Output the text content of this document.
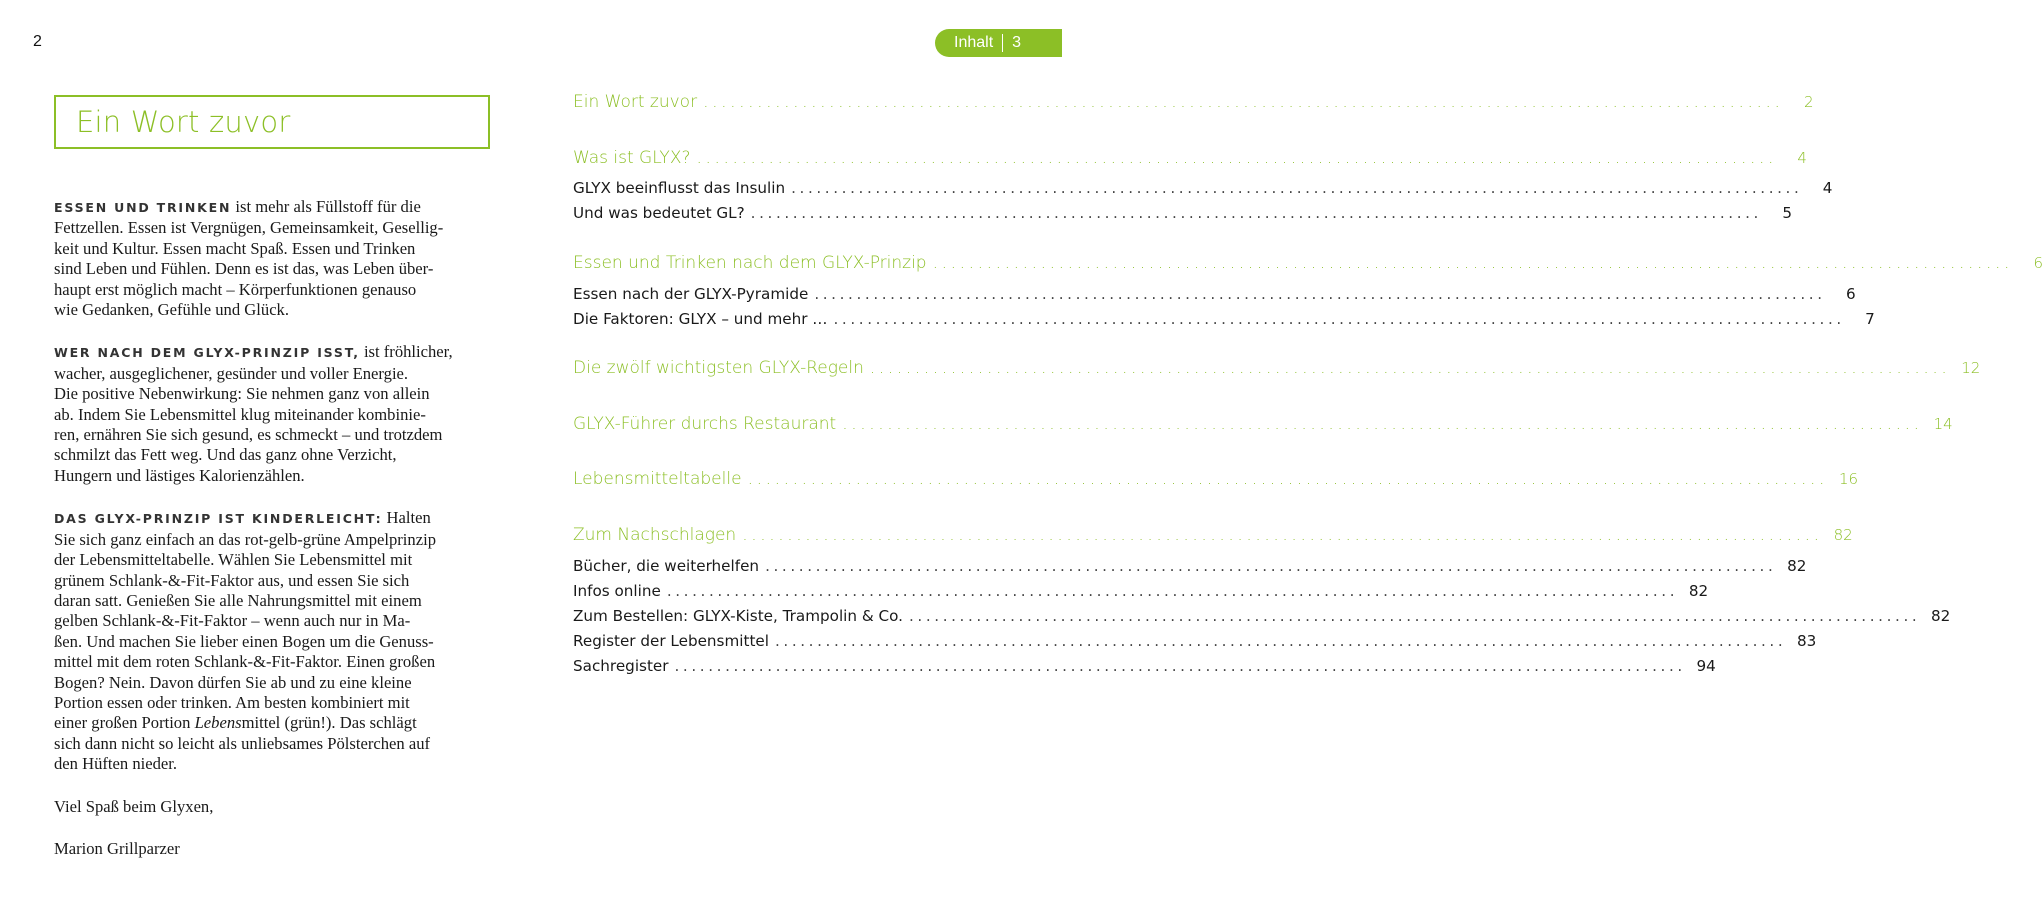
2	Inhalt 3
Ein Wort zuvor

ESSEN UND TRINKEN ist mehr als Füllstoff für die
Fettzellen. Essen ist Vergnügen, Gemeinsamkeit, Gesellig-
keit und Kultur. Essen macht Spaß. Essen und Trinken
sind Leben und Fühlen. Denn es ist das, was Leben über-
haupt erst möglich macht – Körperfunktionen genauso
wie Gedanken, Gefühle und Glück.

WER NACH DEM GLYX-PRINZIP ISST, ist fröhlicher,
wacher, ausgeglichener, gesünder und voller Energie.
Die positive Nebenwirkung: Sie nehmen ganz von allein
ab. Indem Sie Lebensmittel klug miteinander kombinie-
ren, ernähren Sie sich gesund, es schmeckt – und trotzdem
schmilzt das Fett weg. Und das ganz ohne Verzicht,
Hungern und lästiges Kalorienzählen.

DAS GLYX-PRINZIP IST KINDERLEICHT: Halten
Sie sich ganz einfach an das rot-gelb-grüne Ampelprinzip
der Lebensmitteltabelle. Wählen Sie Lebensmittel mit
grünem Schlank-&-Fit-Faktor aus, und essen Sie sich
daran satt. Genießen Sie alle Nahrungsmittel mit einem
gelben Schlank-&-Fit-Faktor – wenn auch nur in Ma-
ßen. Und machen Sie lieber einen Bogen um die Genuss-
mittel mit dem roten Schlank-&-Fit-Faktor. Einen großen
Bogen? Nein. Davon dürfen Sie ab und zu eine kleine
Portion essen oder trinken. Am besten kombiniert mit
einer großen Portion Lebensmittel (grün!). Das schlägt
sich dann nicht so leicht als unliebsames Pölsterchen auf
den Hüften nieder.

Viel Spaß beim Glyxen,

Marion Grillparzer

Ein Wort zuvor ........................................................................................................................	2
Was ist GLYX? ........................................................................................................................	4
GLYX beeinflusst das Insulin ........................................................................................................................	4
Und was bedeutet GL? ........................................................................................................................	5
Essen und Trinken nach dem GLYX-Prinzip ........................................................................................................................	6
Essen nach der GLYX-Pyramide ........................................................................................................................	6
Die Faktoren: GLYX – und mehr … ........................................................................................................................	7
Die zwölf wichtigsten GLYX-Regeln ........................................................................................................................ 12
GLYX-Führer durchs Restaurant ........................................................................................................................ 14
Lebensmitteltabelle ........................................................................................................................ 16
Zum Nachschlagen ........................................................................................................................ 82
Bücher, die weiterhelfen ........................................................................................................................ 82
Infos online ........................................................................................................................ 82
Zum Bestellen: GLYX-Kiste, Trampolin & Co. ........................................................................................................................ 82
Register der Lebensmittel ........................................................................................................................ 83
Sachregister ........................................................................................................................ 94
